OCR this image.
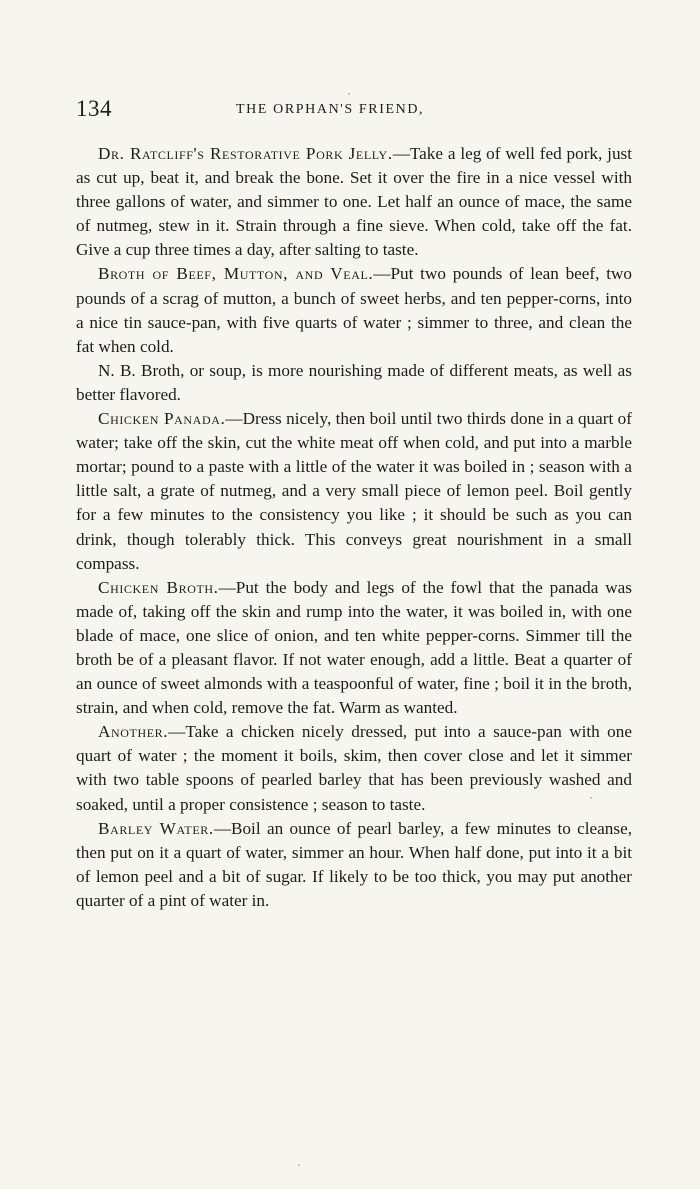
134	THE ORPHAN'S FRIEND,

Dr. Ratcliff's Restorative Pork Jelly.—Take a leg of well fed pork, just as cut up, beat it, and break the bone. Set it over the fire in a nice vessel with three gallons of water, and simmer to one. Let half an ounce of mace, the same of nutmeg, stew in it. Strain through a fine sieve. When cold, take off the fat. Give a cup three times a day, after salting to taste.

Broth of Beef, Mutton, and Veal.—Put two pounds of lean beef, two pounds of a scrag of mutton, a bunch of sweet herbs, and ten pepper-corns, into a nice tin sauce-pan, with five quarts of water ; simmer to three, and clean the fat when cold.

N. B. Broth, or soup, is more nourishing made of different meats, as well as better flavored.

Chicken Panada.—Dress nicely, then boil until two thirds done in a quart of water; take off the skin, cut the white meat off when cold, and put into a marble mortar; pound to a paste with a little of the water it was boiled in ; season with a little salt, a grate of nutmeg, and a very small piece of lemon peel. Boil gently for a few minutes to the consistency you like ; it should be such as you can drink, though tolerably thick. This conveys great nourishment in a small compass.

Chicken Broth.—Put the body and legs of the fowl that the panada was made of, taking off the skin and rump into the water, it was boiled in, with one blade of mace, one slice of onion, and ten white pepper-corns. Simmer till the broth be of a pleasant flavor. If not water enough, add a little. Beat a quarter of an ounce of sweet almonds with a teaspoonful of water, fine ; boil it in the broth, strain, and when cold, remove the fat. Warm as wanted.

Another.—Take a chicken nicely dressed, put into a sauce-pan with one quart of water ; the moment it boils, skim, then cover close and let it simmer with two table spoons of pearled barley that has been previously washed and soaked, until a proper consistence ; season to taste.

Barley Water.—Boil an ounce of pearl barley, a few minutes to cleanse, then put on it a quart of water, simmer an hour. When half done, put into it a bit of lemon peel and a bit of sugar. If likely to be too thick, you may put another quarter of a pint of water in.
